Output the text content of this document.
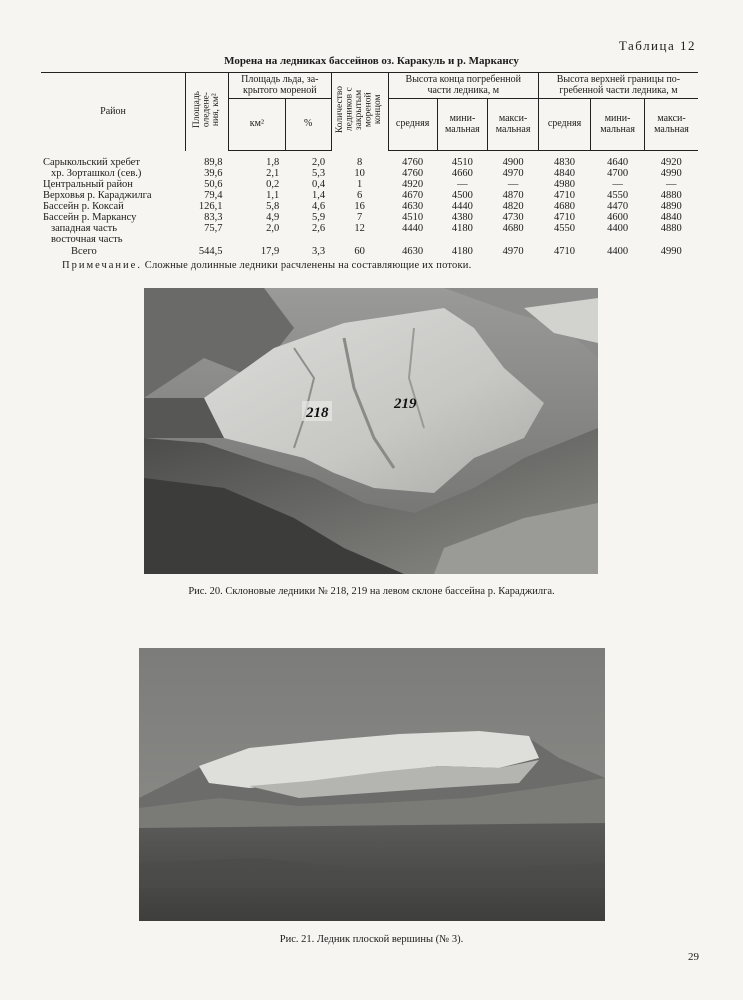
Таблица 12
Морена на ледниках бассейнов оз. Каракуль и р. Маркансу
Район	Площадь
оледене-
ния, км²	Площадь льда, за-
крытого мореной		Количество
ледников с
закрытым
мореной
концом	Высота конца погребенной
части ледника, м			Высота верхней границы по-
гребенной части ледника, м		
		км²	%		средняя	мини-
мальная	макси-
мальная	средняя	мини-
мальная	макси-
мальная
Сарыкольский хребет	89,8	1,8	2,0	8	4760	4510	4900	4830	4640	4920
хр. Зорташкол (сев.)	39,6	2,1	5,3	10	4760	4660	4970	4840	4700	4990
Центральный район	50,6	0,2	0,4	1	4920	—	—	4980	—	—
Верховья р. Караджилга	79,4	1,1	1,4	6	4670	4500	4870	4710	4550	4880
Бассейн р. Коксай	126,1	5,8	4,6	16	4630	4440	4820	4680	4470	4890
Бассейн р. Маркансу	83,3	4,9	5,9	7	4510	4380	4730	4710	4600	4840
западная часть	75,7	2,0	2,6	12	4440	4180	4680	4550	4400	4880
восточная часть										
Всего	544,5	17,9	3,3	60	4630	4180	4970	4710	4400	4990
Примечание. Сложные долинные ледники расчленены на составляющие их потоки.
218
219
Рис. 20. Склоновые ледники № 218, 219 на левом склоне бассейна р. Караджилга.
Рис. 21. Ледник плоской вершины (№ 3).
29
